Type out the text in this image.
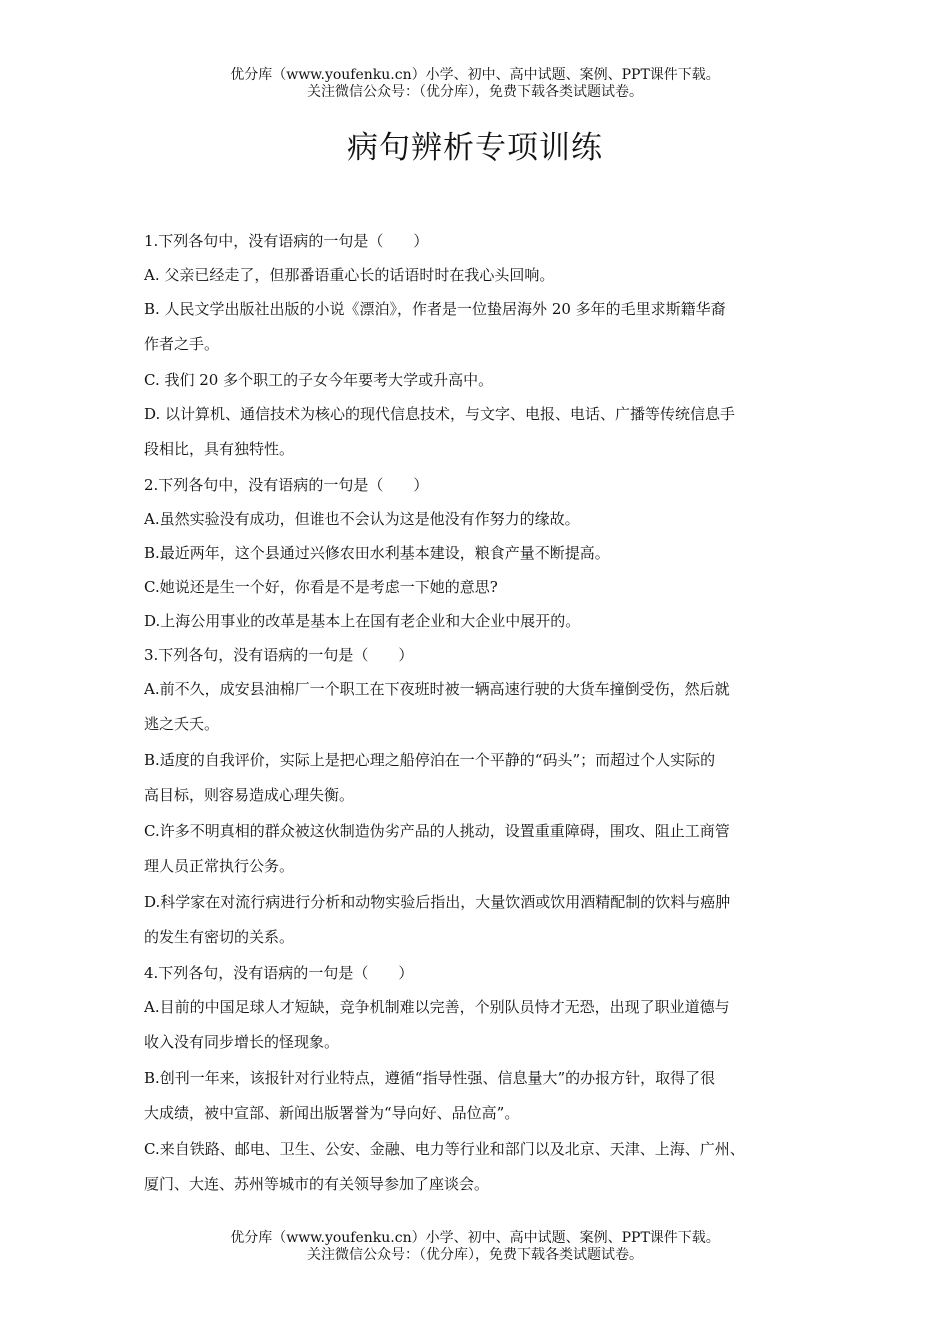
优分库（www.youfenku.cn）小学、初中、高中试题、案例、PPT课件下载。
关注微信公众号：（优分库），免费下载各类试题试卷。
病句辨析专项训练
1.下列各句中，没有语病的一句是（　　）
A. 父亲已经走了，但那番语重心长的话语时时在我心头回响。
B. 人民文学出版社出版的小说《漂泊》，作者是一位蛰居海外 20 多年的毛里求斯籍华裔
作者之手。
C. 我们 20 多个职工的子女今年要考大学或升高中。
D. 以计算机、通信技术为核心的现代信息技术，与文字、电报、电话、广播等传统信息手
段相比，具有独特性。
2.下列各句中，没有语病的一句是（　　）
A.虽然实验没有成功，但谁也不会认为这是他没有作努力的缘故。
B.最近两年，这个县通过兴修农田水利基本建设，粮食产量不断提高。
C.她说还是生一个好，你看是不是考虑一下她的意思?
D.上海公用事业的改革是基本上在国有老企业和大企业中展开的。
3.下列各句，没有语病的一句是（　　）
A.前不久，成安县油棉厂一个职工在下夜班时被一辆高速行驶的大货车撞倒受伤，然后就
逃之夭夭。
B.适度的自我评价，实际上是把心理之船停泊在一个平静的“码头”；而超过个人实际的
高目标，则容易造成心理失衡。
C.许多不明真相的群众被这伙制造伪劣产品的人挑动，设置重重障碍，围攻、阻止工商管
理人员正常执行公务。
D.科学家在对流行病进行分析和动物实验后指出，大量饮酒或饮用酒精配制的饮料与癌肿
的发生有密切的关系。
4.下列各句，没有语病的一句是（　　）
A.目前的中国足球人才短缺，竞争机制难以完善，个别队员恃才无恐，出现了职业道德与
收入没有同步增长的怪现象。
B.创刊一年来，该报针对行业特点，遵循“指导性强、信息量大”的办报方针，取得了很
大成绩，被中宣部、新闻出版署誉为“导向好、品位高”。
C.来自铁路、邮电、卫生、公安、金融、电力等行业和部门以及北京、天津、上海、广州、
厦门、大连、苏州等城市的有关领导参加了座谈会。
优分库（www.youfenku.cn）小学、初中、高中试题、案例、PPT课件下载。
关注微信公众号：（优分库），免费下载各类试题试卷。
